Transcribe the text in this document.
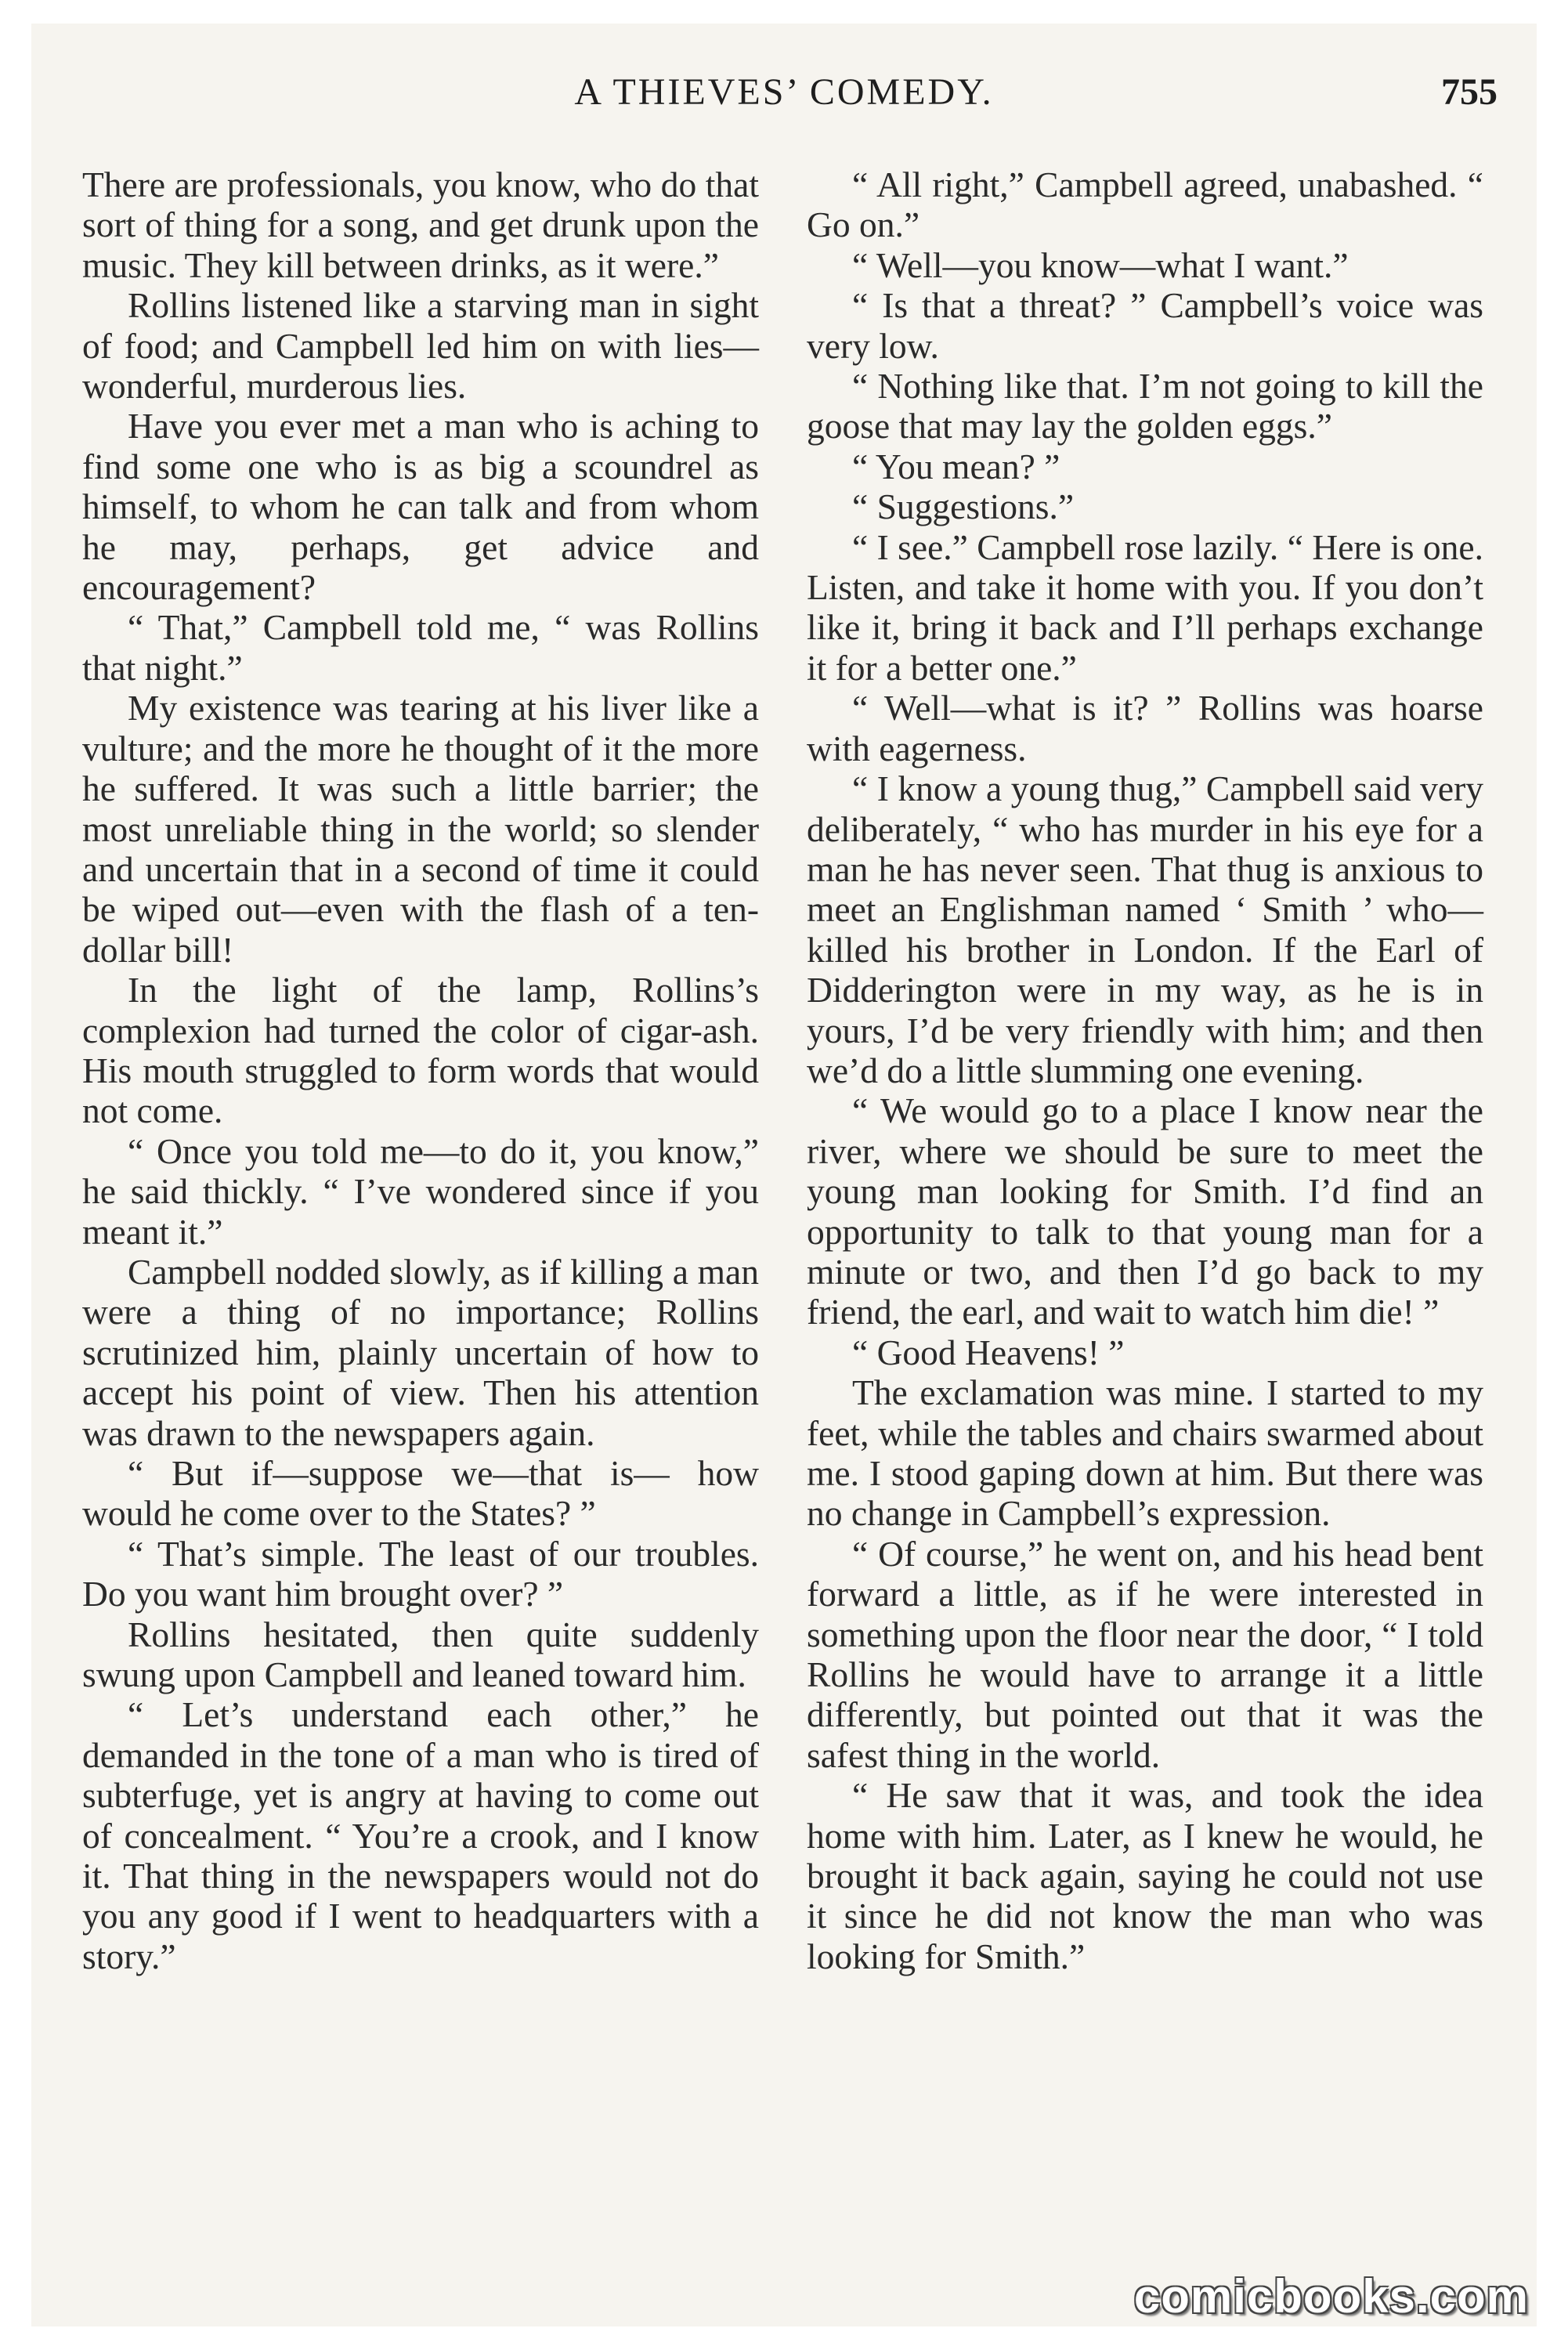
A THIEVES’ COMEDY.	755

There are professionals, you know, who do that sort of thing for a song, and get drunk upon the music. They kill between drinks, as it were.”

Rollins listened like a starving man in sight of food; and Campbell led him on with lies—wonderful, murderous lies.

Have you ever met a man who is aching to find some one who is as big a scoundrel as himself, to whom he can talk and from whom he may, perhaps, get advice and encouragement?

“ That,” Campbell told me, “ was Rollins that night.”

My existence was tearing at his liver like a vulture; and the more he thought of it the more he suffered. It was such a little barrier; the most unreliable thing in the world; so slender and uncertain that in a second of time it could be wiped out—even with the flash of a ten-dollar bill!

In the light of the lamp, Rollins’s complexion had turned the color of cigar-ash. His mouth struggled to form words that would not come.

“ Once you told me—to do it, you know,” he said thickly. “ I’ve wondered since if you meant it.”

Campbell nodded slowly, as if killing a man were a thing of no importance; Rollins scrutinized him, plainly uncertain of how to accept his point of view. Then his attention was drawn to the newspapers again.

“ But if—suppose we—that is— how would he come over to the States? ”

“ That’s simple. The least of our troubles. Do you want him brought over? ”

Rollins hesitated, then quite suddenly swung upon Campbell and leaned toward him.

“ Let’s understand each other,” he demanded in the tone of a man who is tired of subterfuge, yet is angry at having to come out of concealment. “ You’re a crook, and I know it. That thing in the newspapers would not do you any good if I went to headquarters with a story.”

“ All right,” Campbell agreed, unabashed. “ Go on.”

“ Well—you know—what I want.”

“ Is that a threat? ” Campbell’s voice was very low.

“ Nothing like that. I’m not going to kill the goose that may lay the golden eggs.”

“ You mean? ”

“ Suggestions.”

“ I see.” Campbell rose lazily. “ Here is one. Listen, and take it home with you. If you don’t like it, bring it back and I’ll perhaps exchange it for a better one.”

“ Well—what is it? ” Rollins was hoarse with eagerness.

“ I know a young thug,” Campbell said very deliberately, “ who has murder in his eye for a man he has never seen. That thug is anxious to meet an Englishman named ‘ Smith ’ who— killed his brother in London. If the Earl of Didderington were in my way, as he is in yours, I’d be very friendly with him; and then we’d do a little slumming one evening.

“ We would go to a place I know near the river, where we should be sure to meet the young man looking for Smith. I’d find an opportunity to talk to that young man for a minute or two, and then I’d go back to my friend, the earl, and wait to watch him die! ”

“ Good Heavens! ”

The exclamation was mine. I started to my feet, while the tables and chairs swarmed about me. I stood gaping down at him. But there was no change in Campbell’s expression.

“ Of course,” he went on, and his head bent forward a little, as if he were interested in something upon the floor near the door, “ I told Rollins he would have to arrange it a little differently, but pointed out that it was the safest thing in the world.

“ He saw that it was, and took the idea home with him. Later, as I knew he would, he brought it back again, saying he could not use it since he did not know the man who was looking for Smith.”

comicbooks.com
